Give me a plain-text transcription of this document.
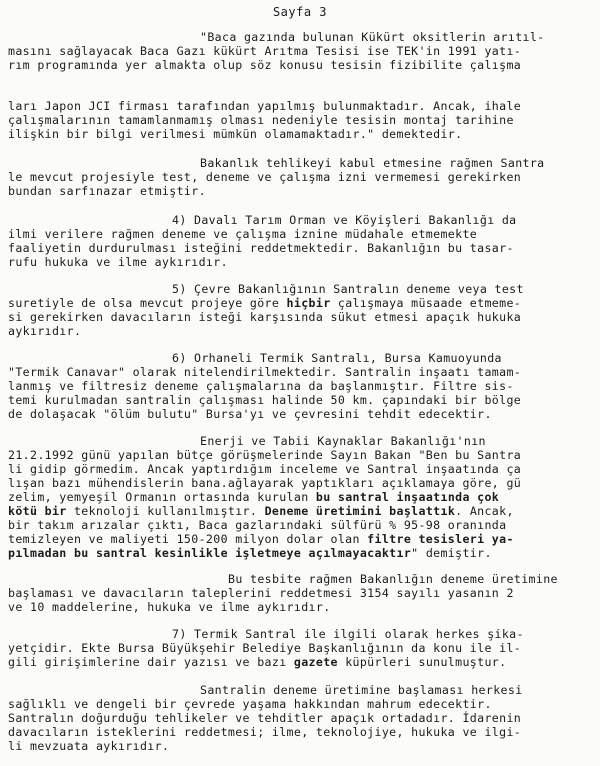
Sayfa 3
"Baca gazında bulunan Kükürt oksitlerin arıtıl-
masını sağlayacak Baca Gazı kükürt Arıtma Tesisi ise TEK'in 1991 yatı-
rım programında yer almakta olup söz konusu tesisin fizibilite çalışma
ları Japon JCI firması tarafından yapılmış bulunmaktadır. Ancak, ihale
çalışmalarının tamamlanmamış olması nedeniyle tesisin montaj tarihine
ilişkin bir bilgi verilmesi mümkün olamamaktadır." demektedir.
Bakanlık tehlikeyi kabul etmesine rağmen Santra
le mevcut projesiyle test, deneme ve çalışma izni vermemesi gerekirken
bundan sarfınazar etmiştir.
4) Davalı Tarım Orman ve Köyişleri Bakanlığı da
ilmi verilere rağmen deneme ve çalışma iznine müdahale etmemekte
faaliyetin durdurulması isteğini reddetmektedir. Bakanlığın bu tasar-
rufu hukuka ve ilme aykırıdır.
5) Çevre Bakanlığının Santralın deneme veya test
suretiyle de olsa mevcut projeye göre hiçbir çalışmaya müsaade etmeme-
si gerekirken davacıların isteği karşısında sükut etmesi apaçık hukuka
aykırıdır.
6) Orhaneli Termik Santralı, Bursa Kamuoyunda
"Termik Canavar" olarak nitelendirilmektedir. Santralin inşaatı tamam-
lanmış ve filtresiz deneme çalışmalarına da başlanmıştır. Filtre sis-
temi kurulmadan santralin çalışması halinde 50 km. çapındaki bir bölge
de dolaşacak "ölüm bulutu" Bursa'yı ve çevresini tehdit edecektir.
Enerji ve Tabii Kaynaklar Bakanlığı'nın
21.2.1992 günü yapılan bütçe görüşmelerinde Sayın Bakan "Ben bu Santra
li gidip görmedim. Ancak yaptırdığım inceleme ve Santral inşaatında ça
lışan bazı mühendislerin bana.ağlayarak yaptıkları açıklamaya göre, gü
zelim, yemyeşil Ormanın ortasında kurulan bu santral inşaatında çok
kötü bir teknoloji kullanılmıştır. Deneme üretimini başlattık. Ancak,
bir takım arızalar çıktı, Baca gazlarındaki sülfürü % 95-98 oranında
temizleyen ve maliyeti 150-200 milyon dolar olan filtre tesisleri ya-
pılmadan bu santral kesinlikle işletmeye açılmayacaktır" demiştir.
Bu tesbite rağmen Bakanlığın deneme üretimine
başlaması ve davacıların taleplerini reddetmesi 3154 sayılı yasanın 2
ve 10 maddelerine, hukuka ve ilme aykırıdır.
7) Termik Santral ile ilgili olarak herkes şika-
yetçidir. Ekte Bursa Büyükşehir Belediye Başkanlığının da konu ile il-
gili girişimlerine dair yazısı ve bazı gazete küpürleri sunulmuştur.
Santralin deneme üretimine başlaması herkesi
sağlıklı ve dengeli bir çevrede yaşama hakkından mahrum edecektir.
Santralın doğurduğu tehlikeler ve tehditler apaçık ortadadır. İdarenin
davacıların isteklerini reddetmesi; ilme, teknolojiye, hukuka ve ilgi-
li mevzuata aykırıdır.
